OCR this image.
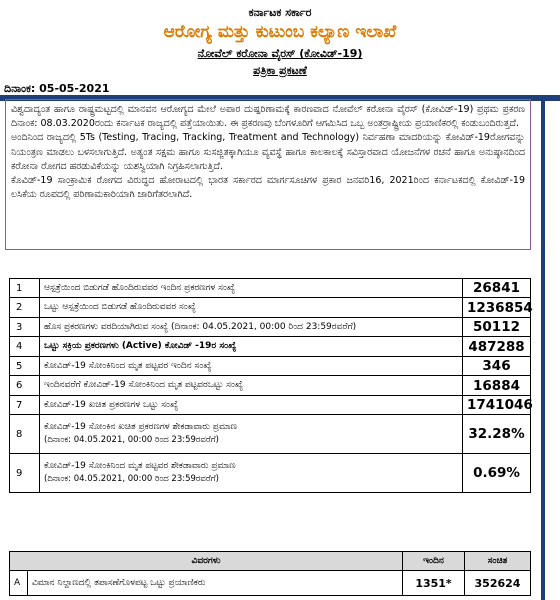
ಕರ್ನಾಟಕ ಸರ್ಕಾರ
ಆರೋಗ್ಯ ಮತ್ತು ಕುಟುಂಬ ಕಲ್ಯಾಣ ಇಲಾಖೆ
ನೋವೆಲ್ ಕರೋನಾ ವೈರಸ್ (ಕೋವಿಡ್-19)
ಪತ್ರಿಕಾ ಪ್ರಕಟಣೆ
ದಿನಾಂಕ: 05-05-2021

ವಿಶ್ವದಾದ್ಯಂತ ಹಾಗೂ ರಾಷ್ಟ್ರಮಟ್ಟದಲ್ಲಿ ಮಾನವನ ಆರೋಗ್ಯದ ಮೇಲೆ ಅಪಾರ ದುಷ್ಪರಿಣಾಮಕ್ಕೆ ಕಾರಣವಾದ ನೋವೆಲ್ ಕರೋನಾ ವೈರಸ್ (ಕೋವಿಡ್-19) ಪ್ರಥಮ ಪ್ರಕರಣ ದಿನಾಂಕ: 08.03.2020ರಂದು ಕರ್ನಾಟಕ ರಾಜ್ಯದಲ್ಲಿ ಪತ್ತೆಯಾಯಿತು. ಈ ಪ್ರಕರಣವು ಬೆಂಗಳೂರಿಗೆ ಆಗಮಿಸಿದ ಒಬ್ಬ ಅಂತರ್ರಾಷ್ಟ್ರೀಯ ಪ್ರಯಾಣಿಕರಲ್ಲಿ ಕಂಡುಬಂದಿರುತ್ತದೆ.

ಅಂದಿನಿಂದ ರಾಜ್ಯದಲ್ಲಿ 5Ts (Testing, Tracing, Tracking, Treatment and Technology) ನಿರ್ವಹಣಾ ಮಾದರಿಯನ್ನು ಕೋವಿಡ್-19ರೋಗವನ್ನು ನಿಯಂತ್ರಣ ಮಾಡಲು ಬಳಸಲಾಗುತ್ತಿದೆ. ಅತ್ಯಂತ ಸಕ್ಷಮ ಹಾಗೂ ಸುಸಜ್ಜಿತಕ್ಕಾಗಿಯೂ ವ್ಯವಸ್ಥೆ ಹಾಗೂ ಕಾಲಕಾಲಕ್ಕೆ ಸವಿಸ್ತಾರವಾದ ಯೋಜನೆಗಳ ರಚನೆ ಹಾಗೂ ಅನುಷ್ಠಾನದಿಂದ ಕರೋನಾ ರೋಗದ ಹರಡುವಿಕೆಯನ್ನು ಯಶಸ್ವಿಯಾಗಿ ನಿಗ್ರಹಿಸಲಾಗುತ್ತಿದೆ.

ಕೊವಿಡ್-19 ಸಾಂಕ್ರಾಮಿಕ ರೋಗದ ವಿರುದ್ಧದ ಹೋರಾಟದಲ್ಲಿ ಭಾರತ ಸರ್ಕಾರದ ಮಾರ್ಗಸೂಚಿಗಳ ಪ್ರಕಾರ ಜನವರಿ16, 2021ರಿಂದ ಕರ್ನಾಟಕದಲ್ಲಿ ಕೋವಿಡ್-19 ಲಸಿಕೆಯ ರೂಪದಲ್ಲಿ ಪರಿಣಾಮಕಾರಿಯಾಗಿ ಜಾರಿಗೆತರಲಾಗಿದೆ.

1	ಆಸ್ಪತ್ರೆಯಿಂದ ಬಿಡುಗಡೆ ಹೊಂದಿರುವವರ ಇಂದಿನ ಪ್ರಕರಣಗಳ ಸಂಖ್ಯೆ	26841
2	ಒಟ್ಟು ಆಸ್ಪತ್ರೆಯಿಂದ ಬಿಡುಗಡೆ ಹೊಂದಿರುವವರ ಸಂಖ್ಯೆ	1236854
3	ಹೊಸ ಪ್ರಕರಣಗಳು ವರದಿಯಾಗಿರುವ ಸಂಖ್ಯೆ (ದಿನಾಂಕ: 04.05.2021, 00:00 ರಿಂದ 23:59ರವರೆಗೆ)	50112
4	ಒಟ್ಟು ಸಕ್ರಿಯ ಪ್ರಕರಣಗಳು (Active) ಕೋವಿಡ್ -19ರ ಸಂಖ್ಯೆ	487288
5	ಕೋವಿಡ್-19 ಸೋಂಕಿನಿಂದ ಮೃತ ಪಟ್ಟವರ ಇಂದಿನ ಸಂಖ್ಯೆ	346
6	ಇಂದಿನವರೆಗೆ ಕೋವಿಡ್-19 ಸೋಂಕಿನಿಂದ ಮೃತ ಪಟ್ಟವರಒಟ್ಟು ಸಂಖ್ಯೆ	16884
7	ಕೋವಿಡ್-19 ಖಚಿತ ಪ್ರಕರಣಗಳ ಒಟ್ಟು ಸಂಖ್ಯೆ	1741046
8	ಕೋವಿಡ್-19 ಸೋಂಕಿನ ಖಚಿತ ಪ್ರಕರಣಗಳ ಶೇಕಡಾವಾರು ಪ್ರಮಾಣ
(ದಿನಾಂಕ: 04.05.2021, 00:00 ರಿಂದ 23:59ರವರೆಗೆ)	32.28%
9	ಕೋವಿಡ್-19 ಸೋಂಕಿನಿಂದ ಮೃತ ಪಟ್ಟವರ ಶೇಕಡಾವಾರು ಪ್ರಮಾಣ
(ದಿನಾಂಕ: 04.05.2021, 00:00 ರಿಂದ 23:59ರವರೆಗೆ)	0.69%
ವಿವರಗಳು		ಇಂದಿನ	ಸಂಚಿತ
A	ವಿಮಾನ ನಿಲ್ದಾಣದಲ್ಲಿ ತಪಾಸಣೆಗೊಳಪಟ್ಟ ಒಟ್ಟು ಪ್ರಯಾಣಿಕರು	1351*	352624
